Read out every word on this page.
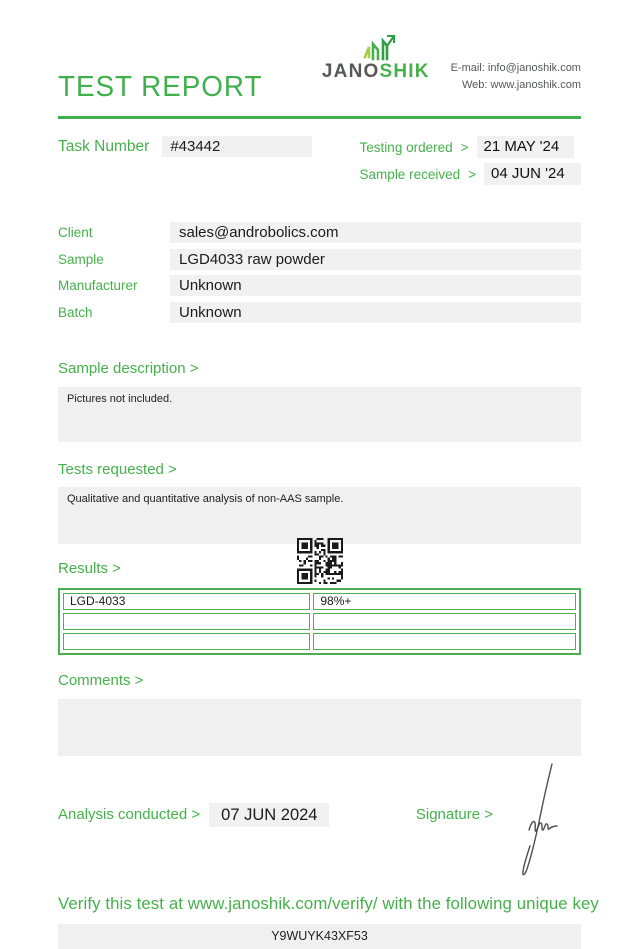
TEST REPORT	JANOSHIK E-mail: info@janoshik.com
Web: www.janoshik.com
Task Number	#43442	Testing ordered >	21 MAY '24
Sample received >	04 JUN '24
Client	sales@androbolics.com
Sample	LGD4033 raw powder
Manufacturer	Unknown
Batch	Unknown
Sample description >
Pictures not included.
Tests requested >
Qualitative and quantitative analysis of non-AAS sample.
Results >
LGD-4033	98%+

Comments >
Analysis conducted >	07 JUN 2024	Signature >
Verify this test at www.janoshik.com/verify/ with the following unique key
Y9WUYK43XF53
